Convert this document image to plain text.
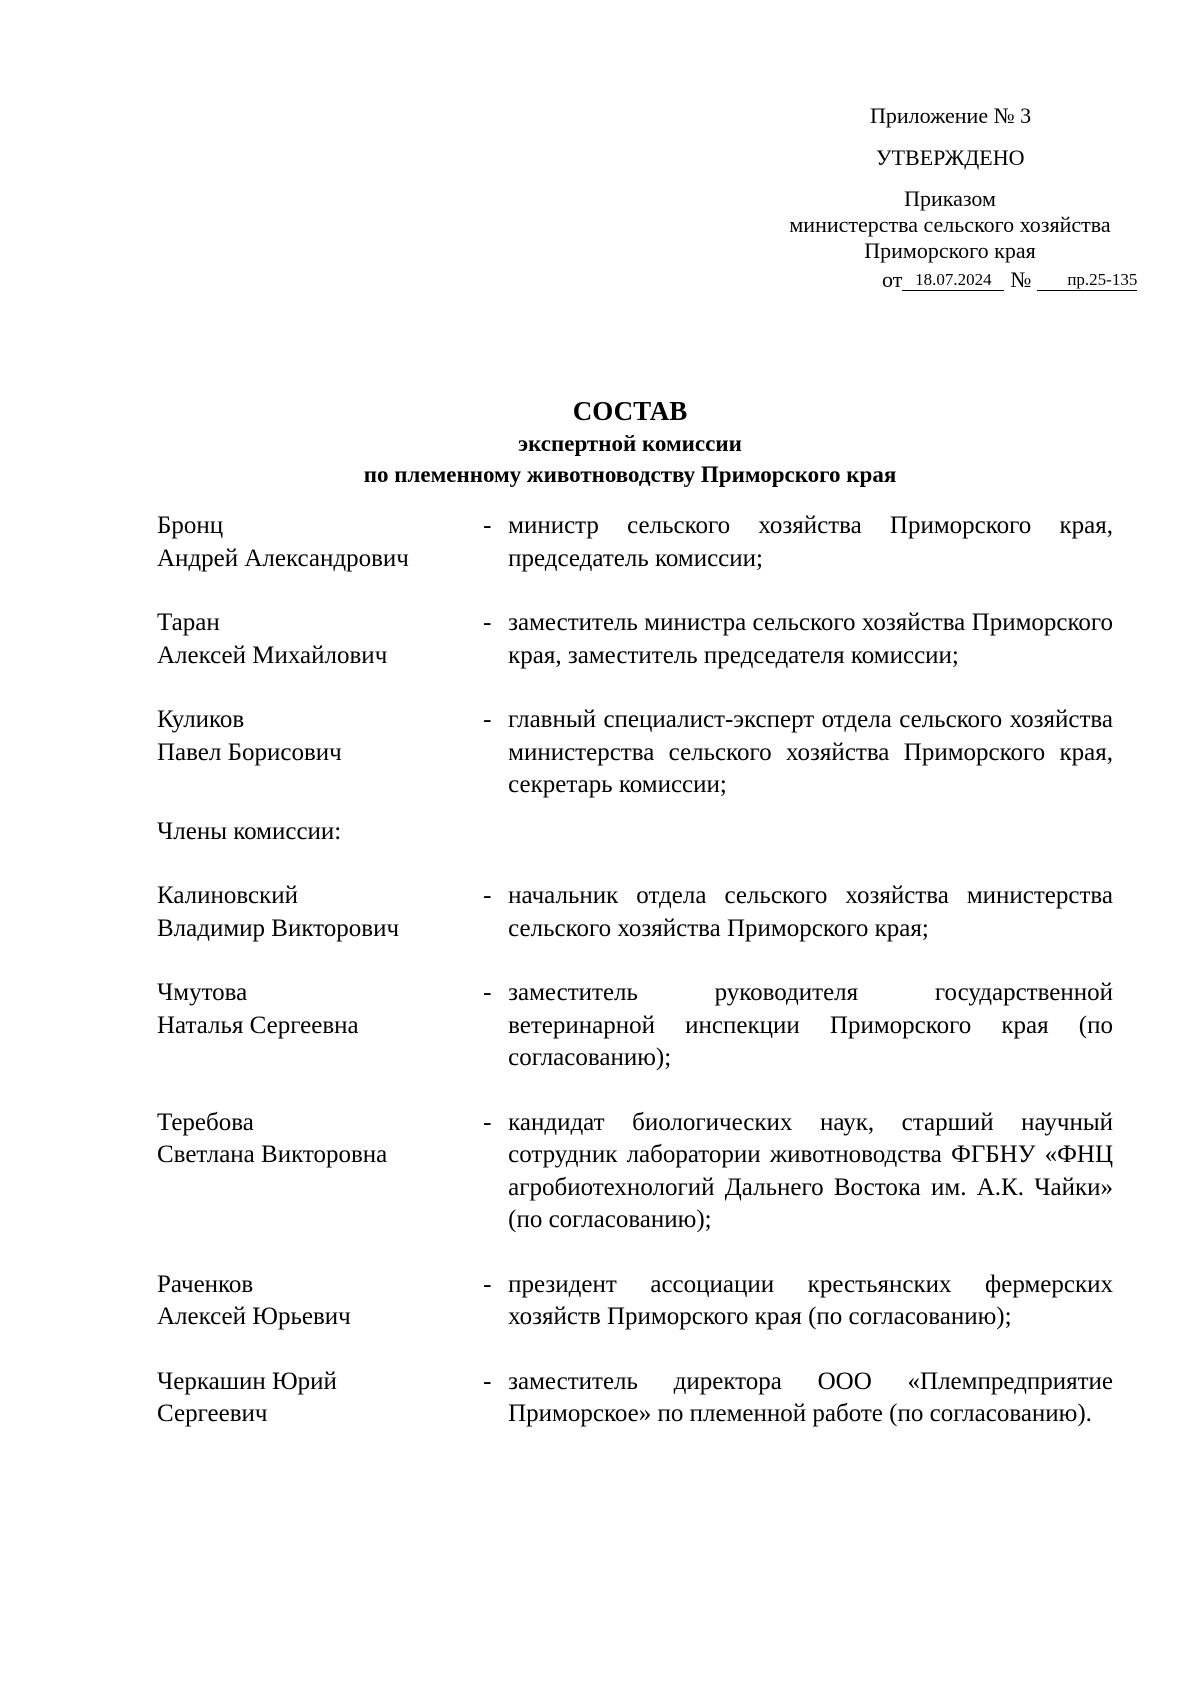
Приложение № 3
УТВЕРЖДЕНО
Приказом
министерства сельского хозяйства
Приморского края
от 18.07.2024 № пр.25-135
СОСТАВ
экспертной комиссии
по племенному животноводству Приморского края
Бронц
Андрей Александрович
- министр сельского хозяйства Приморского края, председатель комиссии;
Таран
Алексей Михайлович
- заместитель министра сельского хозяйства Приморского края, заместитель председателя комиссии;
Куликов
Павел Борисович
- главный специалист-эксперт отдела сельского хозяйства министерства сельского хозяйства Приморского края, секретарь комиссии;
Члены комиссии:
Калиновский
Владимир Викторович
- начальник отдела сельского хозяйства министерства сельского хозяйства Приморского края;
Чмутова
Наталья Сергеевна
- заместитель руководителя государственной ветеринарной инспекции Приморского края (по согласованию);
Теребова
Светлана Викторовна
- кандидат биологических наук, старший научный сотрудник лаборатории животноводства ФГБНУ «ФНЦ агробиотехнологий Дальнего Востока им. А.К. Чайки» (по согласованию);
Раченков
Алексей Юрьевич
- президент ассоциации крестьянских фермерских хозяйств Приморского края (по согласованию);
Черкашин Юрий
Сергеевич
- заместитель директора ООО «Племпредприятие Приморское» по племенной работе (по согласованию).
